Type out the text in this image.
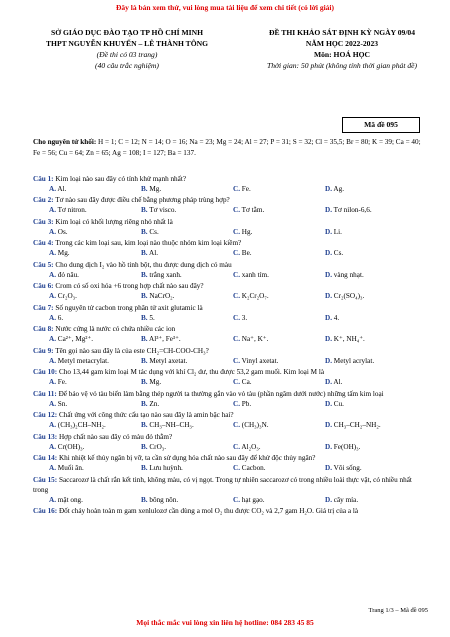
Đây là bản xem thử, vui lòng mua tài liệu để xem chi tiết (có lời giải)
SỞ GIÁO DỤC ĐÀO TẠO TP HỒ CHÍ MINH
THPT NGUYỄN KHUYẾN – LÊ THÀNH TÔNG
(Đề thi có 03 trang)
(40 câu trắc nghiệm)
ĐỀ THI KHẢO SÁT ĐỊNH KỲ NGÀY 09/04
NĂM HỌC 2022-2023
Môn: HOÁ HỌC
Thời gian: 50 phút (không tính thời gian phát đề)
Mã đề 095
Cho nguyên tử khối: H = 1; C = 12; N = 14; O = 16; Na = 23; Mg = 24; Al = 27; P = 31; S = 32; Cl = 35,5; Br = 80; K = 39; Ca = 40; Fe = 56; Cu = 64; Zn = 65; Ag = 108; I = 127; Ba = 137.
Câu 1: Kim loại nào sau đây có tính khử mạnh nhất?
A. Al.	B. Mg.	C. Fe.	D. Ag.
Câu 2: Tơ nào sau đây được điều chế bằng phương pháp trùng hợp?
A. Tơ nitron.	B. Tơ visco.	C. Tơ tằm.	D. Tơ nilon-6,6.
Câu 3: Kim loại có khối lượng riêng nhỏ nhất là
A. Os.	B. Cs.	C. Hg.	D. Li.
Câu 4: Trong các kim loại sau, kim loại nào thuộc nhóm kim loại kiềm?
A. Mg.	B. Al.	C. Be.	D. Cs.
Câu 5: Cho dung dịch I₂ vào hồ tinh bột, thu được dung dịch có màu
A. đỏ nâu.	B. trắng xanh.	C. xanh tím.	D. vàng nhạt.
Câu 6: Crom có số oxi hóa +6 trong hợp chất nào sau đây?
A. Cr₂O₃.	B. NaCrO₂.	C. K₂Cr₂O₇.	D. Cr₂(SO₄)₃.
Câu 7: Số nguyên tử cacbon trong phân tử axit glutamic là
A. 6.	B. 5.	C. 3.	D. 4.
Câu 8: Nước cứng là nước có chứa nhiều các ion
A. Ca²⁺, Mg²⁺.	B. Al³⁺, Fe³⁺.	C. Na⁺, K⁺.	D. K⁺, NH₄⁺.
Câu 9: Tên gọi nào sau đây là của este CH₂=CH-COO-CH₃?
A. Metyl metacrylat.	B. Metyl axetat.	C. Vinyl axetat.	D. Metyl acrylat.
Câu 10: Cho 13,44 gam kim loại M tác dụng với khí Cl₂ dư, thu được 53,2 gam muối. Kim loại M là
A. Fe.	B. Mg.	C. Ca.	D. Al.
Câu 11: Để bảo vệ vỏ tàu biển làm bằng thép người ta thường gắn vào vỏ tàu (phần ngâm dưới nước) những tấm kim loại
A. Sn.	B. Zn.	C. Pb.	D. Cu.
Câu 12: Chất ứng với công thức cấu tạo nào sau đây là amin bậc hai?
A. (CH₃)₂CH–NH₂.	B. CH₃–NH–CH₃.	C. (CH₃)₃N.	D. CH₃–CH₂–NH₂.
Câu 13: Hợp chất nào sau đây có màu đỏ thẫm?
A. Cr(OH)₃.	B. CrO₃.	C. Al₂O₃.	D. Fe(OH)₃.
Câu 14: Khi nhiệt kế thủy ngân bị vỡ, ta cần sử dụng hóa chất nào sau đây để khử độc thủy ngân?
A. Muối ăn.	B. Lưu huỳnh.	C. Cacbon.	D. Vôi sống.
Câu 15: Saccarozơ là chất rắn kết tinh, không màu, có vị ngọt. Trong tự nhiên saccarozơ có trong nhiều loài thực vật, có nhiều nhất trong
A. mật ong.	B. bông nõn.	C. hạt gạo.	D. cây mía.
Câu 16: Đốt cháy hoàn toàn m gam xenlulozơ cần dùng a mol O₂ thu được CO₂ và 2,7 gam H₂O. Giá trị của a là
Trang 1/3 – Mã đề 095
Mọi thắc mắc vui lòng xin liên hệ hotline: 084 283 45 85
